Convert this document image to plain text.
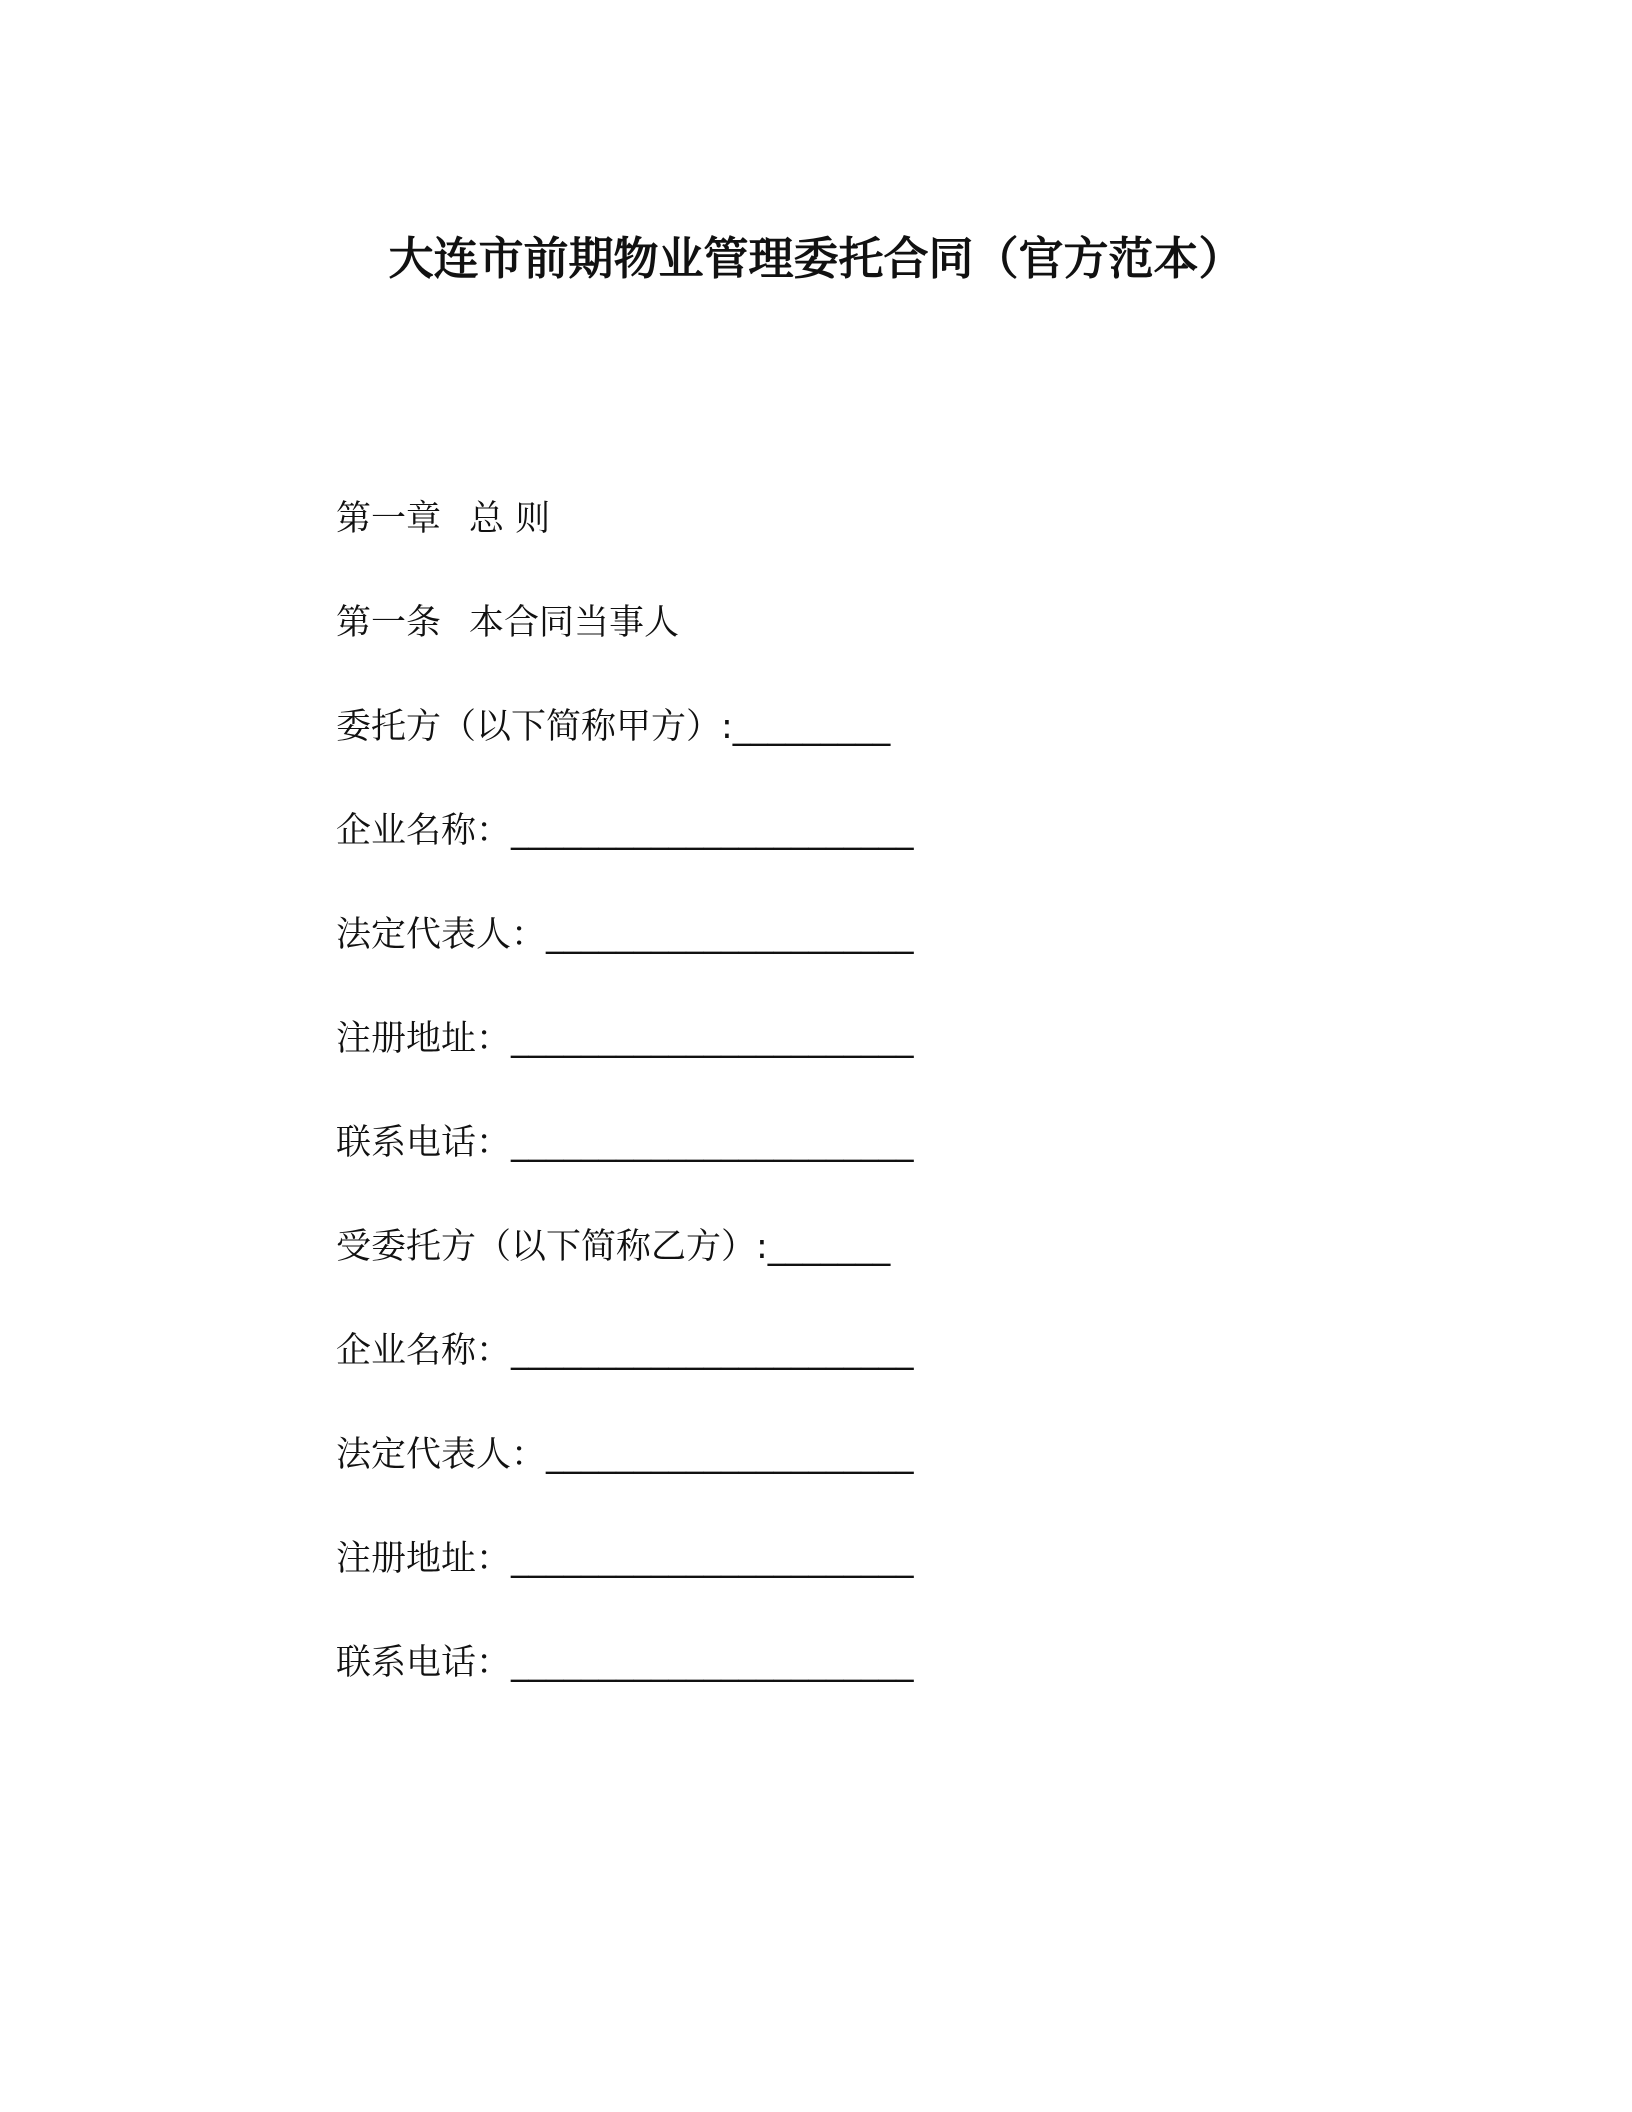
大连市前期物业管理委托合同（官方范本）
第一章 总 则
第一条 本合同当事人
委托方（以下简称甲方）:_________
企业名称：_______________________
法定代表人：_____________________
注册地址：_______________________
联系电话：_______________________
受委托方（以下简称乙方）:_______
企业名称：_______________________
法定代表人：_____________________
注册地址：_______________________
联系电话：_______________________
